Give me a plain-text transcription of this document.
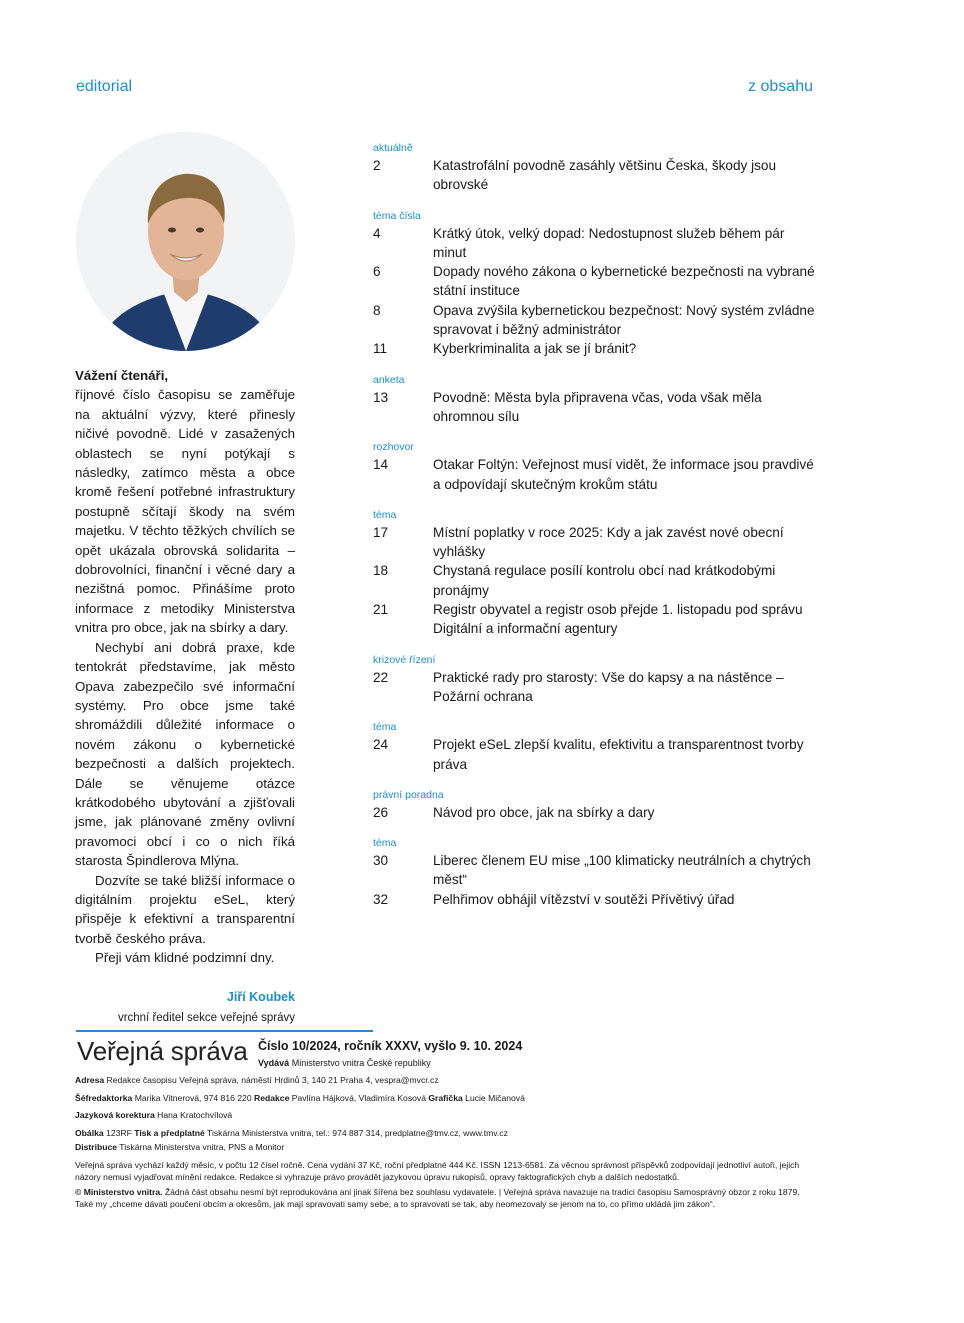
editorial	z obsahu
Vážení čtenáři,

říjnové číslo časopisu se zaměřuje na aktuální výzvy, které přinesly ničivé povodně. Lidé v zasažených oblastech se nyní potýkají s následky, zatímco města a obce kromě řešení potřebné infrastruktury postupně sčítají škody na svém majetku. V těchto těžkých chvílích se opět ukázala obrovská solidarita – dobrovolníci, finanční i věcné dary a nezištná pomoc. Přinášíme proto informace z metodiky Ministerstva vnitra pro obce, jak na sbírky a dary.

Nechybí ani dobrá praxe, kde tentokrát představíme, jak město Opava zabezpečilo své informační systémy. Pro obce jsme také shromáždili důležité informace o novém zákonu o kybernetické bezpečnosti a dalších projektech. Dále se věnujeme otázce krátkodobého ubytování a zjišťovali jsme, jak plánované změny ovlivní pravomoci obcí i co o nich říká starosta Špindlerova Mlýna.

Dozvíte se také bližší informace o digitálním projektu eSeL, který přispěje k efektivní a transparentní tvorbě českého práva.

Přeji vám klidné podzimní dny.

Jiří Koubek
vrchní ředitel sekce veřejné správy
aktuálně
2	Katastrofální povodně zasáhly většinu Česka, škody jsou obrovské
téma čísla
4	Krátký útok, velký dopad: Nedostupnost služeb během pár minut
6	Dopady nového zákona o kybernetické bezpečnosti na vybrané státní instituce
8	Opava zvýšila kybernetickou bezpečnost: Nový systém zvládne spravovat i běžný administrátor
11	Kyberkriminalita a jak se jí bránit?
anketa
13	Povodně: Města byla připravena včas, voda však měla ohromnou sílu
rozhovor
14	Otakar Foltýn: Veřejnost musí vidět, že informace jsou pravdivé a odpovídají skutečným krokům státu
téma
17	Místní poplatky v roce 2025: Kdy a jak zavést nové obecní vyhlášky
18	Chystaná regulace posílí kontrolu obcí nad krátkodobými pronájmy
21	Registr obyvatel a registr osob přejde 1. listopadu pod správu Digitální a informační agentury
krizové řízení
22	Praktické rady pro starosty: Vše do kapsy a na nástěnce – Požární ochrana
téma
24	Projekt eSeL zlepší kvalitu, efektivitu a transparentnost tvorby práva
právní poradna
26	Návod pro obce, jak na sbírky a dary
téma
30	Liberec členem EU mise „100 klimaticky neutrálních a chytrých měst“
32	Pelhřimov obhájil vítězství v soutěži Přívětivý úřad
Veřejná správa Číslo 10/2024, ročník XXXV, vyšlo 9. 10. 2024
Vydává Ministerstvo vnitra České republiky
Adresa Redakce časopisu Veřejná správa, náměstí Hrdinů 3, 140 21 Praha 4, vespra@mvcr.cz
Šéfredaktorka Marika Vitnerová, 974 816 220 Redakce Pavlína Hájková, Vladimíra Kosová Grafička Lucie Mičanová
Jazyková korektura Hana Kratochvílová
Obálka 123RF Tisk a předplatné Tiskárna Ministerstva vnitra, tel.: 974 887 314, predplatne@tmv.cz, www.tmv.cz
Distribuce Tiskárna Ministerstva vnitra, PNS a Monitor
Veřejná správa vychází každý měsíc, v počtu 12 čísel ročně. Cena vydání 37 Kč, roční předplatné 444 Kč. ISSN 1213-6581. Za věcnou správnost příspěvků zodpovídají jednotliví autoři, jejich názory nemusí vyjadřovat mínění redakce. Redakce si vyhrazuje právo provádět jazykovou úpravu rukopisů, opravy faktografických chyb a dalších nedostatků.
© Ministerstvo vnitra. Žádná část obsahu nesmí být reprodukována ani jinak šířena bez souhlasu vydavatele. | Veřejná správa navazuje na tradici časopisu Samosprávný obzor z roku 1879. Také my „chceme dávati poučení obcím a okresům, jak mají spravovati samy sebe, a to spravovati se tak, aby neomezovaly se jenom na to, co přímo ukládá jim zákon“.
